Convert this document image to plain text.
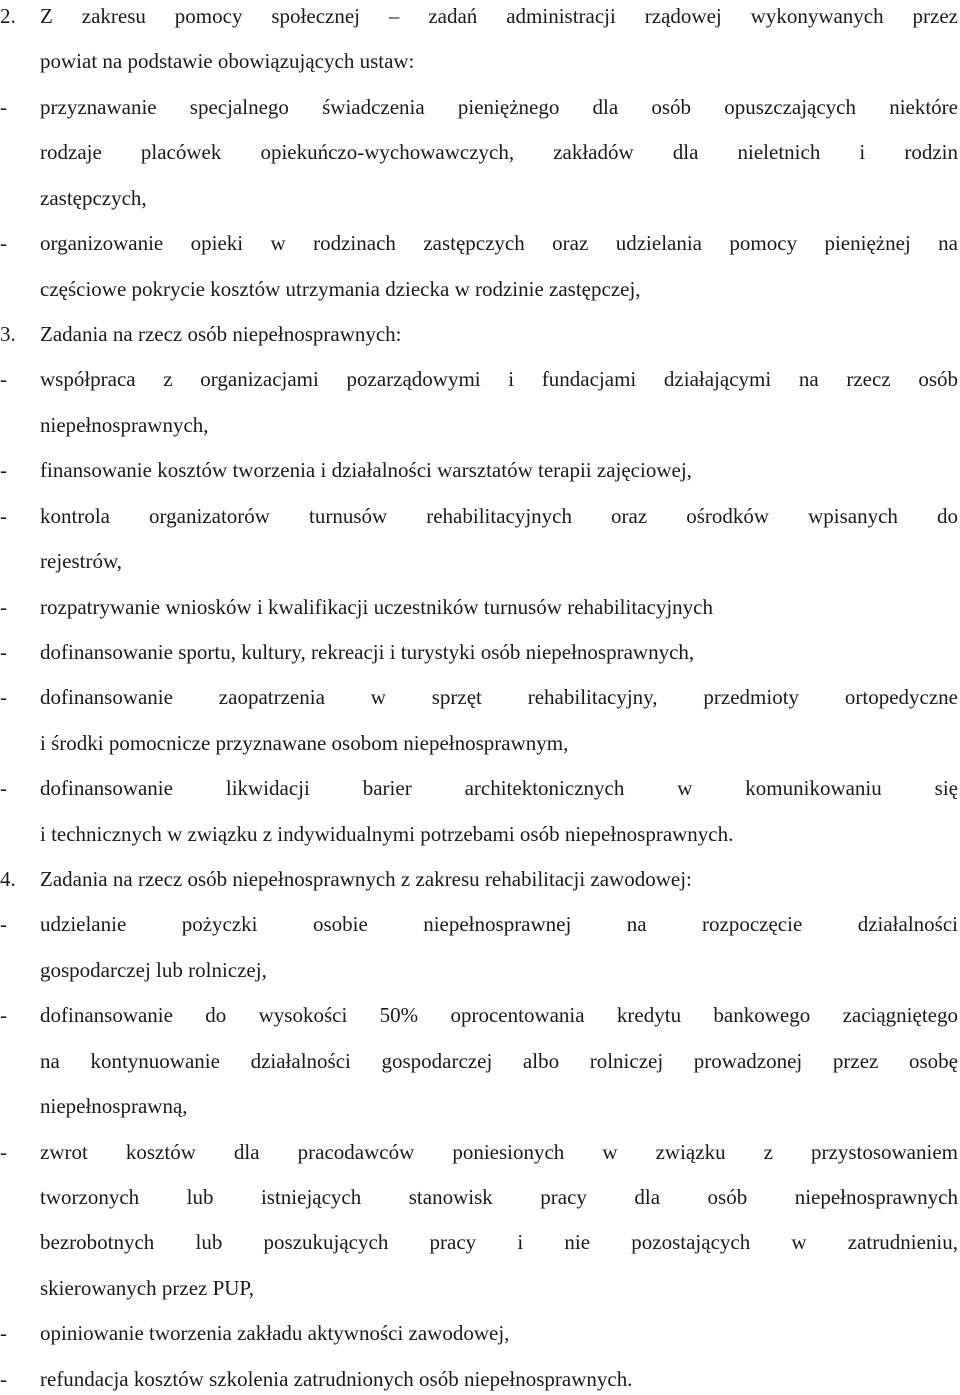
2. Z zakresu pomocy społecznej – zadań administracji rządowej wykonywanych przez
powiat na podstawie obowiązujących ustaw:
- przyznawanie specjalnego świadczenia pieniężnego dla osób opuszczających niektóre
rodzaje placówek opiekuńczo-wychowawczych, zakładów dla nieletnich i rodzin
zastępczych,
- organizowanie opieki w rodzinach zastępczych oraz udzielania pomocy pieniężnej na
częściowe pokrycie kosztów utrzymania dziecka w rodzinie zastępczej,
3. Zadania na rzecz osób niepełnosprawnych:
- współpraca z organizacjami pozarządowymi i fundacjami działającymi na rzecz osób
niepełnosprawnych,
- finansowanie kosztów tworzenia i działalności warsztatów terapii zajęciowej,
- kontrola organizatorów turnusów rehabilitacyjnych oraz ośrodków wpisanych do
rejestrów,
- rozpatrywanie wniosków i kwalifikacji uczestników turnusów rehabilitacyjnych
- dofinansowanie sportu, kultury, rekreacji i turystyki osób niepełnosprawnych,
- dofinansowanie zaopatrzenia w sprzęt rehabilitacyjny, przedmioty ortopedyczne
i środki pomocnicze przyznawane osobom niepełnosprawnym,
- dofinansowanie likwidacji barier architektonicznych w komunikowaniu się
i technicznych w związku z indywidualnymi potrzebami osób niepełnosprawnych.
4. Zadania na rzecz osób niepełnosprawnych z zakresu rehabilitacji zawodowej:
- udzielanie pożyczki osobie niepełnosprawnej na rozpoczęcie działalności
gospodarczej lub rolniczej,
- dofinansowanie do wysokości 50% oprocentowania kredytu bankowego zaciągniętego
na kontynuowanie działalności gospodarczej albo rolniczej prowadzonej przez osobę
niepełnosprawną,
- zwrot kosztów dla pracodawców poniesionych w związku z przystosowaniem
tworzonych lub istniejących stanowisk pracy dla osób niepełnosprawnych
bezrobotnych lub poszukujących pracy i nie pozostających w zatrudnieniu,
skierowanych przez PUP,
- opiniowanie tworzenia zakładu aktywności zawodowej,
- refundacja kosztów szkolenia zatrudnionych osób niepełnosprawnych.
